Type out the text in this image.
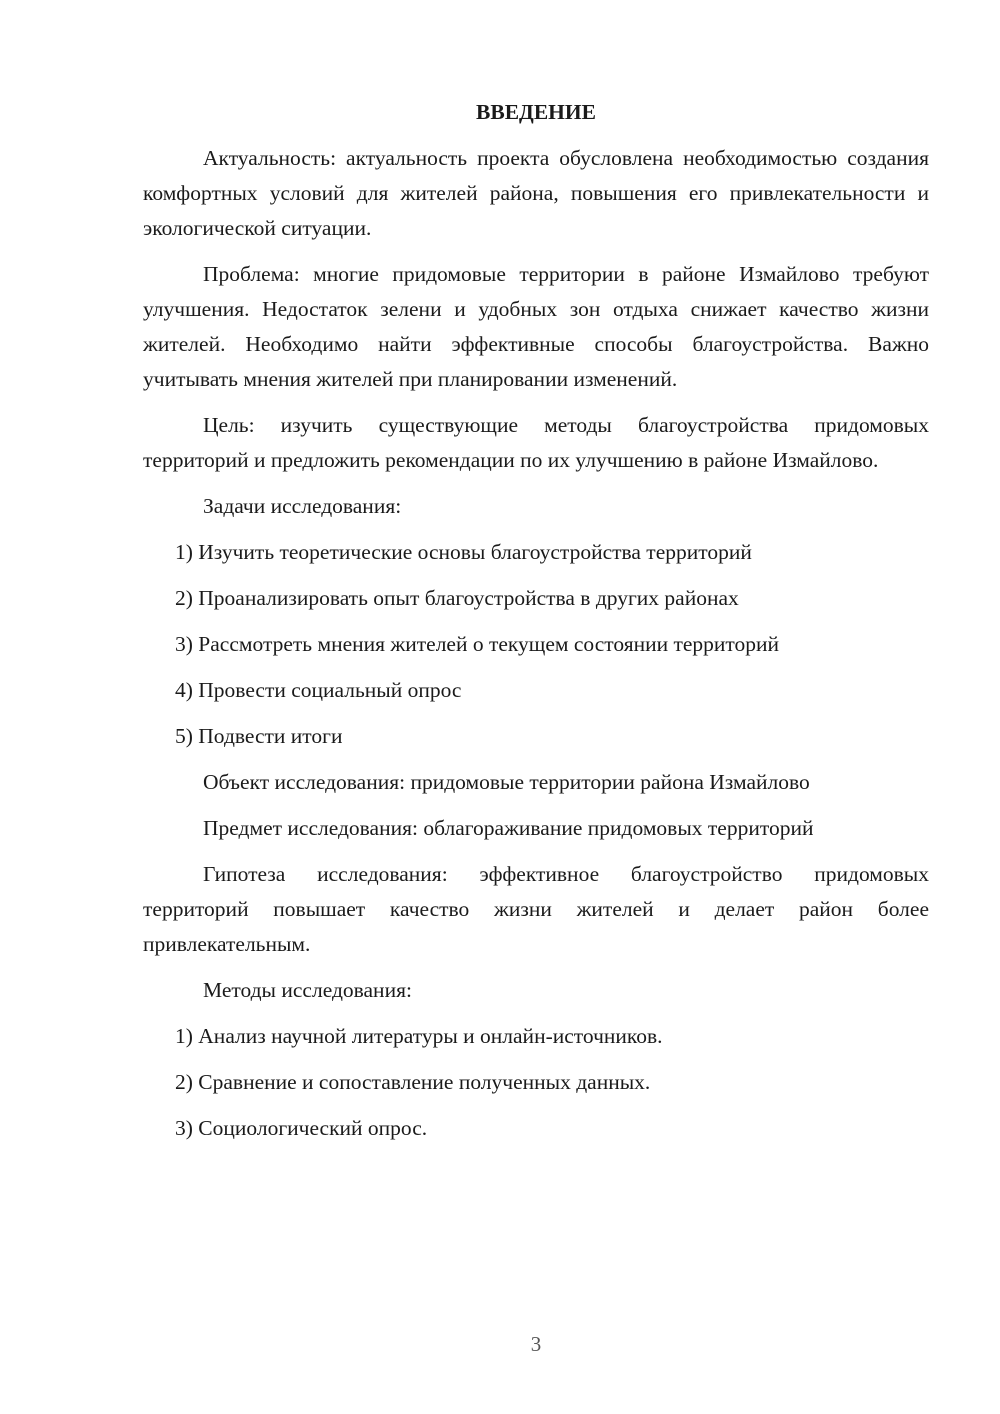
ВВЕДЕНИЕ
Актуальность: актуальность проекта обусловлена необходимостью создания комфортных условий для жителей района, повышения его привлекательности и экологической ситуации.
Проблема: многие придомовые территории в районе Измайлово требуют улучшения. Недостаток зелени и удобных зон отдыха снижает качество жизни жителей. Необходимо найти эффективные способы благоустройства. Важно учитывать мнения жителей при планировании изменений.
Цель: изучить существующие методы благоустройства придомовых территорий и предложить рекомендации по их улучшению в районе Измайлово.
Задачи исследования:
1) Изучить теоретические основы благоустройства территорий
2) Проанализировать опыт благоустройства в других районах
3) Рассмотреть мнения жителей о текущем состоянии территорий
4) Провести социальный опрос
5) Подвести итоги
Объект исследования: придомовые территории района Измайлово
Предмет исследования: облагораживание придомовых территорий
Гипотеза исследования: эффективное благоустройство придомовых территорий повышает качество жизни жителей и делает район более привлекательным.
Методы исследования:
1) Анализ научной литературы и онлайн-источников.
2) Сравнение и сопоставление полученных данных.
3) Социологический опрос.
3
